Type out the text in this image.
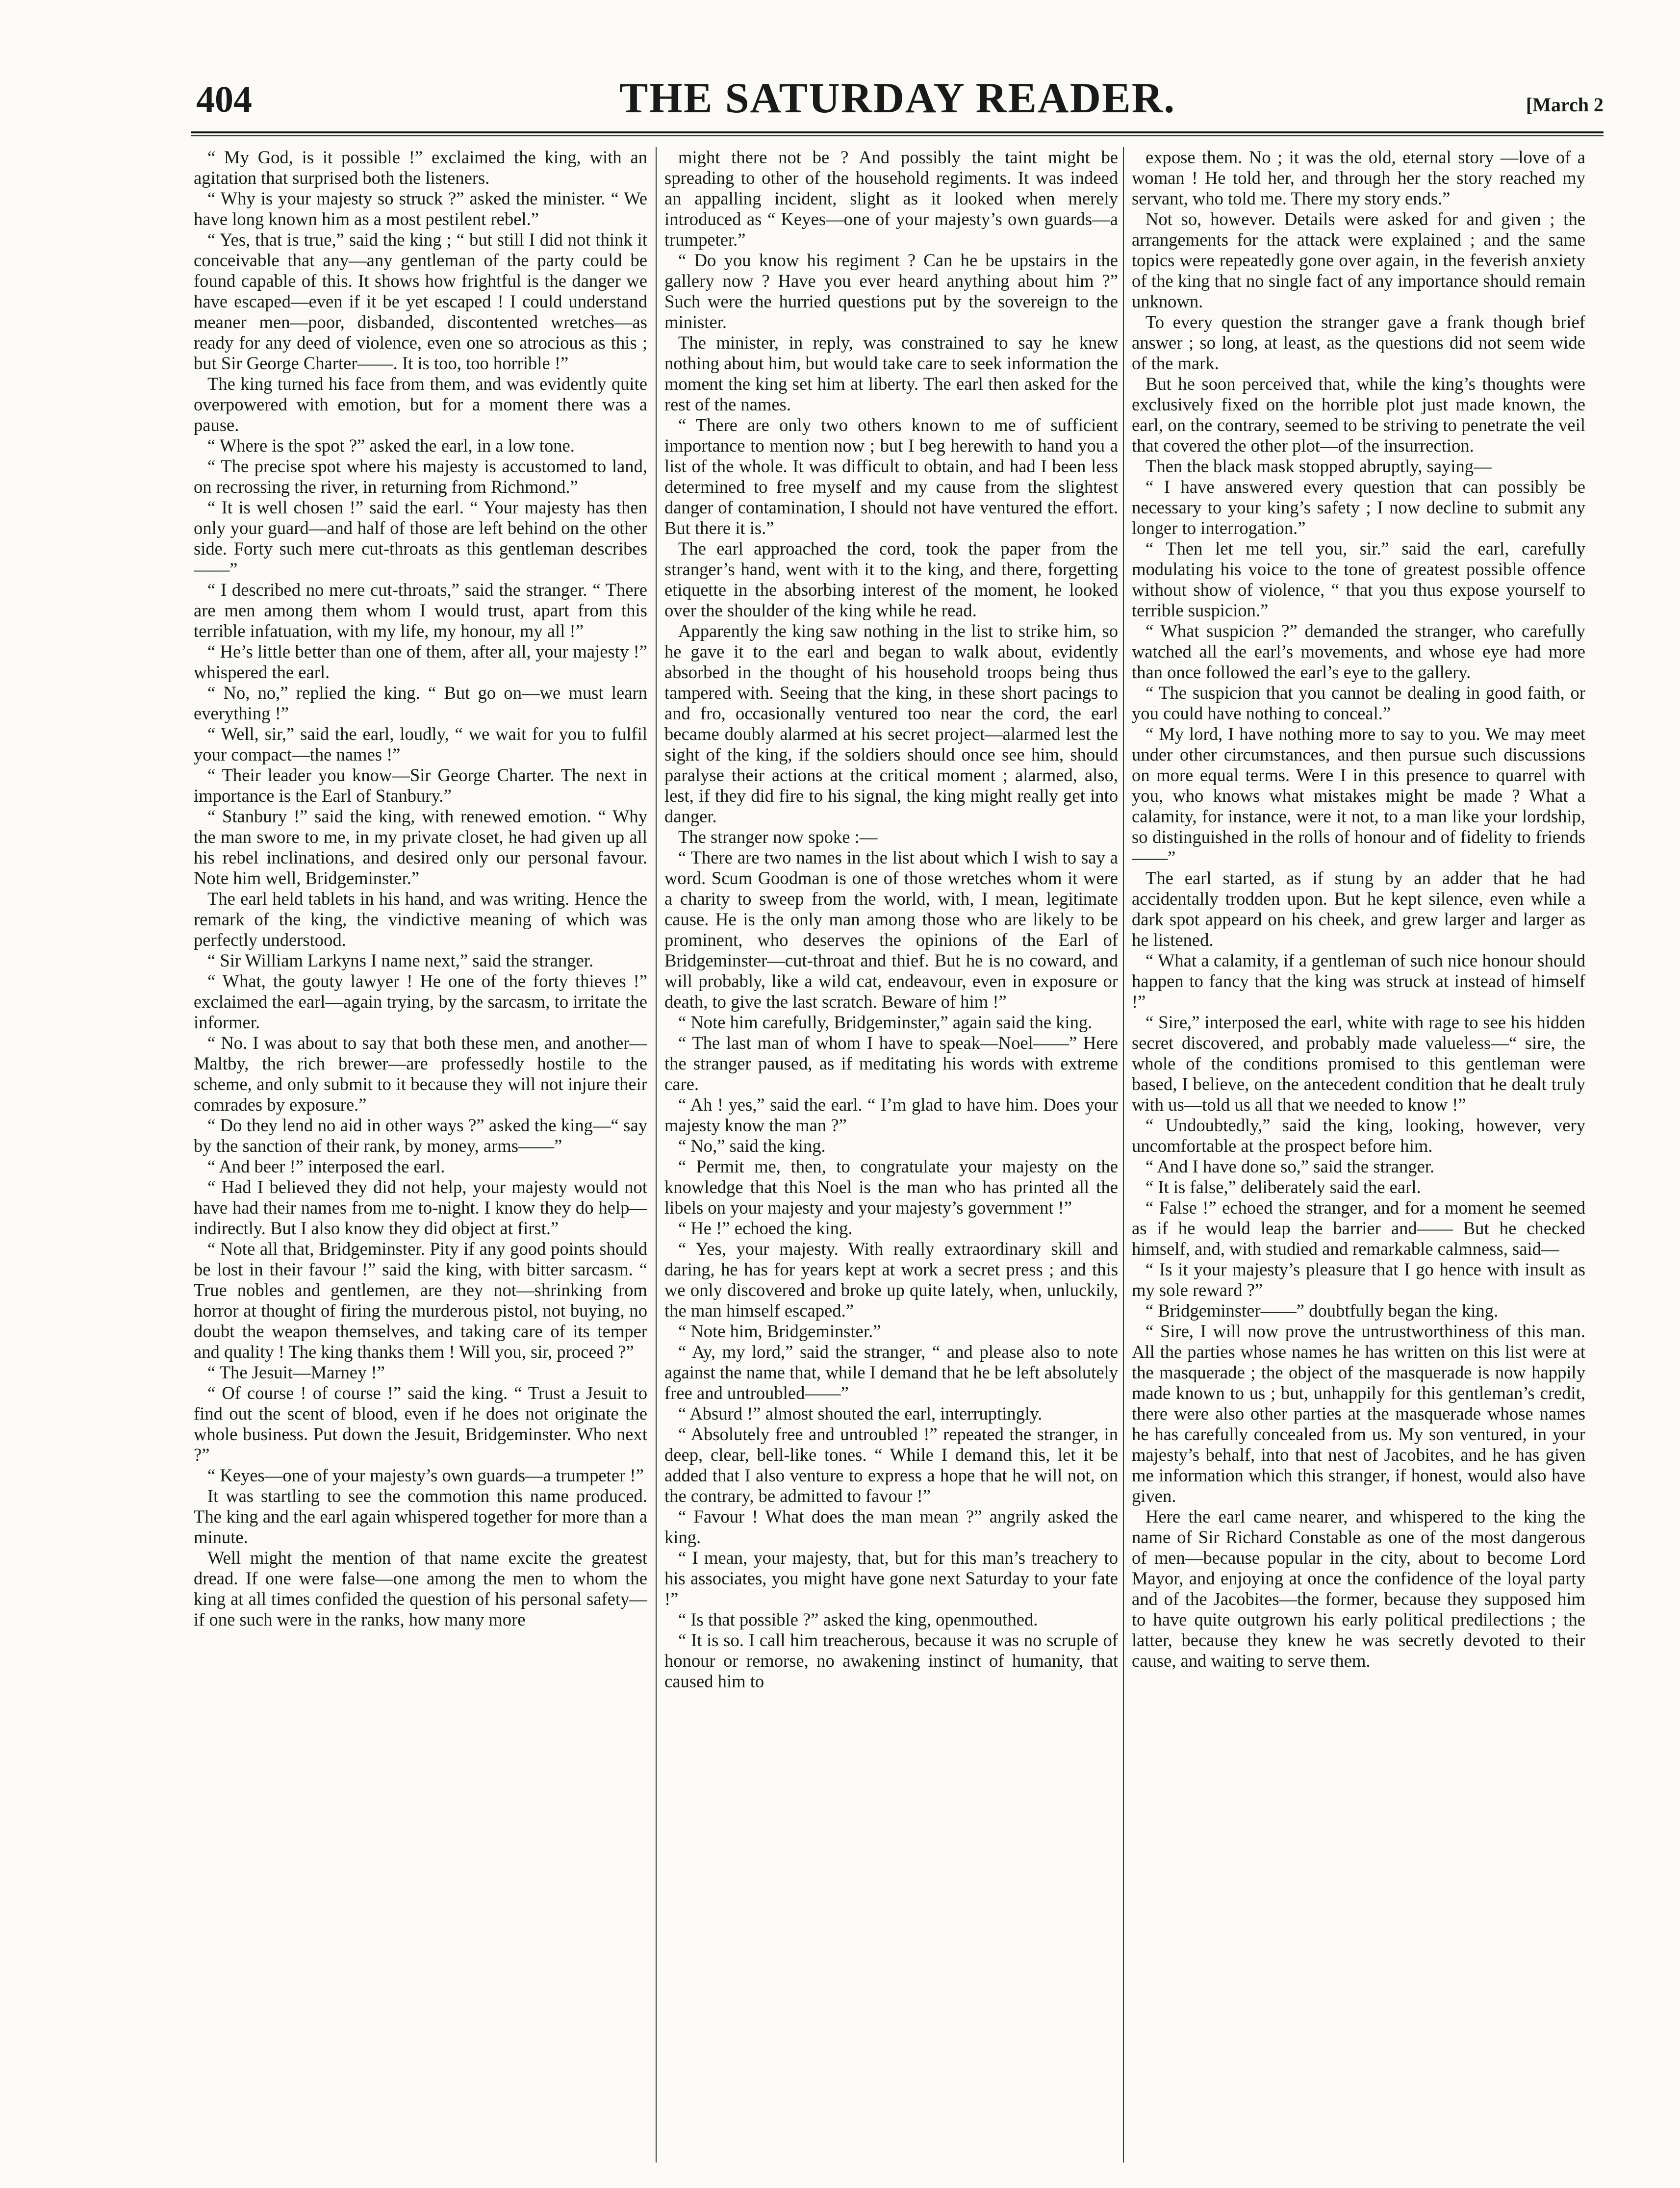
404	THE SATURDAY READER.	[March 2

“ My God, is it possible !” exclaimed the king, with an agitation that surprised both the listeners.

“ Why is your majesty so struck ?” asked the minister. “ We have long known him as a most pestilent rebel.”

“ Yes, that is true,” said the king ; “ but still I did not think it conceivable that any—any gentleman of the party could be found capable of this. It shows how frightful is the danger we have escaped—even if it be yet escaped ! I could understand meaner men—poor, disbanded, discontented wretches—as ready for any deed of violence, even one so atrocious as this ; but Sir George Charter——. It is too, too horrible !”

The king turned his face from them, and was evidently quite overpowered with emotion, but for a moment there was a pause.

“ Where is the spot ?” asked the earl, in a low tone.

“ The precise spot where his majesty is accustomed to land, on recrossing the river, in returning from Richmond.”

“ It is well chosen !” said the earl. “ Your majesty has then only your guard—and half of those are left behind on the other side. Forty such mere cut-throats as this gentleman describes——”

“ I described no mere cut-throats,” said the stranger. “ There are men among them whom I would trust, apart from this terrible infatuation, with my life, my honour, my all !”

“ He’s little better than one of them, after all, your majesty !” whispered the earl.

“ No, no,” replied the king. “ But go on—we must learn everything !”

“ Well, sir,” said the earl, loudly, “ we wait for you to fulfil your compact—the names !”

“ Their leader you know—Sir George Charter. The next in importance is the Earl of Stanbury.”

“ Stanbury !” said the king, with renewed emotion. “ Why the man swore to me, in my private closet, he had given up all his rebel inclinations, and desired only our personal favour. Note him well, Bridgeminster.”

The earl held tablets in his hand, and was writing. Hence the remark of the king, the vindictive meaning of which was perfectly understood.

“ Sir William Larkyns I name next,” said the stranger.

“ What, the gouty lawyer ! He one of the forty thieves !” exclaimed the earl—again trying, by the sarcasm, to irritate the informer.

“ No. I was about to say that both these men, and another—Maltby, the rich brewer—are professedly hostile to the scheme, and only submit to it because they will not injure their comrades by exposure.”

“ Do they lend no aid in other ways ?” asked the king—“ say by the sanction of their rank, by money, arms——”

“ And beer !” interposed the earl.

“ Had I believed they did not help, your majesty would not have had their names from me to-night. I know they do help—indirectly. But I also know they did object at first.”

“ Note all that, Bridgeminster. Pity if any good points should be lost in their favour !” said the king, with bitter sarcasm. “ True nobles and gentlemen, are they not—shrinking from horror at thought of firing the murderous pistol, not buying, no doubt the weapon themselves, and taking care of its temper and quality ! The king thanks them ! Will you, sir, proceed ?”

“ The Jesuit—Marney !”

“ Of course ! of course !” said the king. “ Trust a Jesuit to find out the scent of blood, even if he does not originate the whole business. Put down the Jesuit, Bridgeminster. Who next ?”

“ Keyes—one of your majesty’s own guards—a trumpeter !”

It was startling to see the commotion this name produced. The king and the earl again whispered together for more than a minute.

Well might the mention of that name excite the greatest dread. If one were false—one among the men to whom the king at all times confided the question of his personal safety—if one such were in the ranks, how many more

might there not be ? And possibly the taint might be spreading to other of the household regiments. It was indeed an appalling incident, slight as it looked when merely introduced as “ Keyes—one of your majesty’s own guards—a trumpeter.”

“ Do you know his regiment ? Can he be upstairs in the gallery now ? Have you ever heard anything about him ?” Such were the hurried questions put by the sovereign to the minister.

The minister, in reply, was constrained to say he knew nothing about him, but would take care to seek information the moment the king set him at liberty. The earl then asked for the rest of the names.

“ There are only two others known to me of sufficient importance to mention now ; but I beg herewith to hand you a list of the whole. It was difficult to obtain, and had I been less determined to free myself and my cause from the slightest danger of contamination, I should not have ventured the effort. But there it is.”

The earl approached the cord, took the paper from the stranger’s hand, went with it to the king, and there, forgetting etiquette in the absorbing interest of the moment, he looked over the shoulder of the king while he read.

Apparently the king saw nothing in the list to strike him, so he gave it to the earl and began to walk about, evidently absorbed in the thought of his household troops being thus tampered with. Seeing that the king, in these short pacings to and fro, occasionally ventured too near the cord, the earl became doubly alarmed at his secret project—alarmed lest the sight of the king, if the soldiers should once see him, should paralyse their actions at the critical moment ; alarmed, also, lest, if they did fire to his signal, the king might really get into danger.

The stranger now spoke :—

“ There are two names in the list about which I wish to say a word. Scum Goodman is one of those wretches whom it were a charity to sweep from the world, with, I mean, legitimate cause. He is the only man among those who are likely to be prominent, who deserves the opinions of the Earl of Bridgeminster—cut-throat and thief. But he is no coward, and will probably, like a wild cat, endeavour, even in exposure or death, to give the last scratch. Beware of him !”

“ Note him carefully, Bridgeminster,” again said the king.

“ The last man of whom I have to speak—Noel——” Here the stranger paused, as if meditating his words with extreme care.

“ Ah ! yes,” said the earl. “ I’m glad to have him. Does your majesty know the man ?”

“ No,” said the king.

“ Permit me, then, to congratulate your majesty on the knowledge that this Noel is the man who has printed all the libels on your majesty and your majesty’s government !”

“ He !” echoed the king.

“ Yes, your majesty. With really extraordinary skill and daring, he has for years kept at work a secret press ; and this we only discovered and broke up quite lately, when, unluckily, the man himself escaped.”

“ Note him, Bridgeminster.”

“ Ay, my lord,” said the stranger, “ and please also to note against the name that, while I demand that he be left absolutely free and untroubled——”

“ Absurd !” almost shouted the earl, interruptingly.

“ Absolutely free and untroubled !” repeated the stranger, in deep, clear, bell-like tones. “ While I demand this, let it be added that I also venture to express a hope that he will not, on the contrary, be admitted to favour !”

“ Favour ! What does the man mean ?” angrily asked the king.

“ I mean, your majesty, that, but for this man’s treachery to his associates, you might have gone next Saturday to your fate !”

“ Is that possible ?” asked the king, openmouthed.

“ It is so. I call him treacherous, because it was no scruple of honour or remorse, no awakening instinct of humanity, that caused him to

expose them. No ; it was the old, eternal story —love of a woman ! He told her, and through her the story reached my servant, who told me. There my story ends.”

Not so, however. Details were asked for and given ; the arrangements for the attack were explained ; and the same topics were repeatedly gone over again, in the feverish anxiety of the king that no single fact of any importance should remain unknown.

To every question the stranger gave a frank though brief answer ; so long, at least, as the questions did not seem wide of the mark.

But he soon perceived that, while the king’s thoughts were exclusively fixed on the horrible plot just made known, the earl, on the contrary, seemed to be striving to penetrate the veil that covered the other plot—of the insurrection.

Then the black mask stopped abruptly, saying—

“ I have answered every question that can possibly be necessary to your king’s safety ; I now decline to submit any longer to interrogation.”

“ Then let me tell you, sir.” said the earl, carefully modulating his voice to the tone of greatest possible offence without show of violence, “ that you thus expose yourself to terrible suspicion.”

“ What suspicion ?” demanded the stranger, who carefully watched all the earl’s movements, and whose eye had more than once followed the earl’s eye to the gallery.

“ The suspicion that you cannot be dealing in good faith, or you could have nothing to conceal.”

“ My lord, I have nothing more to say to you. We may meet under other circumstances, and then pursue such discussions on more equal terms. Were I in this presence to quarrel with you, who knows what mistakes might be made ? What a calamity, for instance, were it not, to a man like your lordship, so distinguished in the rolls of honour and of fidelity to friends——”

The earl started, as if stung by an adder that he had accidentally trodden upon. But he kept silence, even while a dark spot appeard on his cheek, and grew larger and larger as he listened.

“ What a calamity, if a gentleman of such nice honour should happen to fancy that the king was struck at instead of himself !”

“ Sire,” interposed the earl, white with rage to see his hidden secret discovered, and probably made valueless—“ sire, the whole of the conditions promised to this gentleman were based, I believe, on the antecedent condition that he dealt truly with us—told us all that we needed to know !”

“ Undoubtedly,” said the king, looking, however, very uncomfortable at the prospect before him.

“ And I have done so,” said the stranger.

“ It is false,” deliberately said the earl.

“ False !” echoed the stranger, and for a moment he seemed as if he would leap the barrier and—— But he checked himself, and, with studied and remarkable calmness, said—

“ Is it your majesty’s pleasure that I go hence with insult as my sole reward ?”

“ Bridgeminster——” doubtfully began the king.

“ Sire, I will now prove the untrustworthiness of this man. All the parties whose names he has written on this list were at the masquerade ; the object of the masquerade is now happily made known to us ; but, unhappily for this gentleman’s credit, there were also other parties at the masquerade whose names he has carefully concealed from us. My son ventured, in your majesty’s behalf, into that nest of Jacobites, and he has given me information which this stranger, if honest, would also have given.

Here the earl came nearer, and whispered to the king the name of Sir Richard Constable as one of the most dangerous of men—because popular in the city, about to become Lord Mayor, and enjoying at once the confidence of the loyal party and of the Jacobites—the former, because they supposed him to have quite outgrown his early political predilections ; the latter, because they knew he was secretly devoted to their cause, and waiting to serve them.
